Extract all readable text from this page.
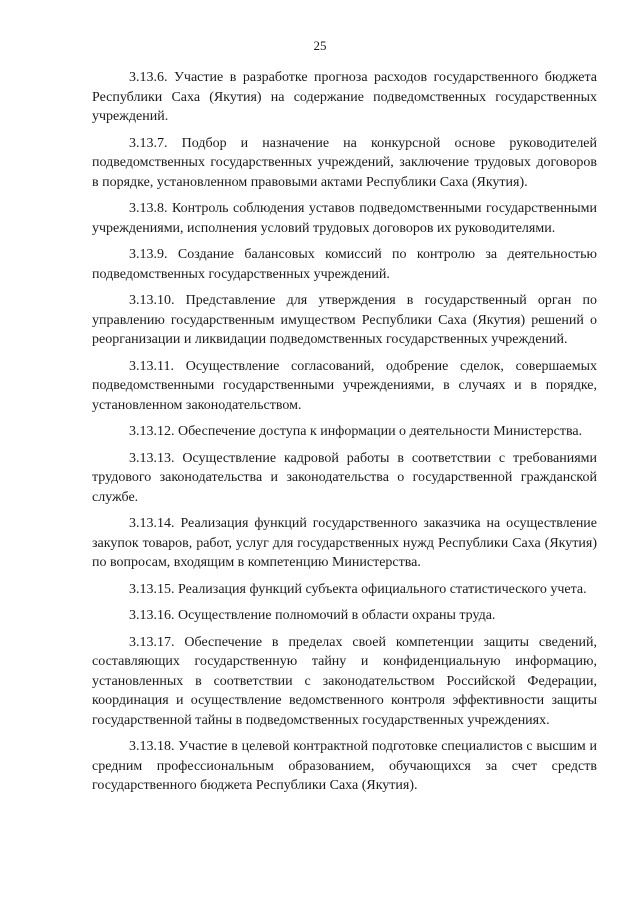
25

3.13.6. Участие в разработке прогноза расходов государственного бюджета Республики Саха (Якутия) на содержание подведомственных государственных учреждений.

3.13.7. Подбор и назначение на конкурсной основе руководителей подведомственных государственных учреждений, заключение трудовых договоров в порядке, установленном правовыми актами Республики Саха (Якутия).

3.13.8. Контроль соблюдения уставов подведомственными государственными учреждениями, исполнения условий трудовых договоров их руководителями.

3.13.9. Создание балансовых комиссий по контролю за деятельностью подведомственных государственных учреждений.

3.13.10. Представление для утверждения в государственный орган по управлению государственным имуществом Республики Саха (Якутия) решений о реорганизации и ликвидации подведомственных государственных учреждений.

3.13.11. Осуществление согласований, одобрение сделок, совершаемых подведомственными государственными учреждениями, в случаях и в порядке, установленном законодательством.

3.13.12. Обеспечение доступа к информации о деятельности Министерства.

3.13.13. Осуществление кадровой работы в соответствии с требованиями трудового законодательства и законодательства о государственной гражданской службе.

3.13.14. Реализация функций государственного заказчика на осуществление закупок товаров, работ, услуг для государственных нужд Республики Саха (Якутия) по вопросам, входящим в компетенцию Министерства.

3.13.15. Реализация функций субъекта официального статистического учета.

3.13.16. Осуществление полномочий в области охраны труда.

3.13.17. Обеспечение в пределах своей компетенции защиты сведений, составляющих государственную тайну и конфиденциальную информацию, установленных в соответствии с законодательством Российской Федерации, координация и осуществление ведомственного контроля эффективности защиты государственной тайны в подведомственных государственных учреждениях.

3.13.18. Участие в целевой контрактной подготовке специалистов с высшим и средним профессиональным образованием, обучающихся за счет средств государственного бюджета Республики Саха (Якутия).
